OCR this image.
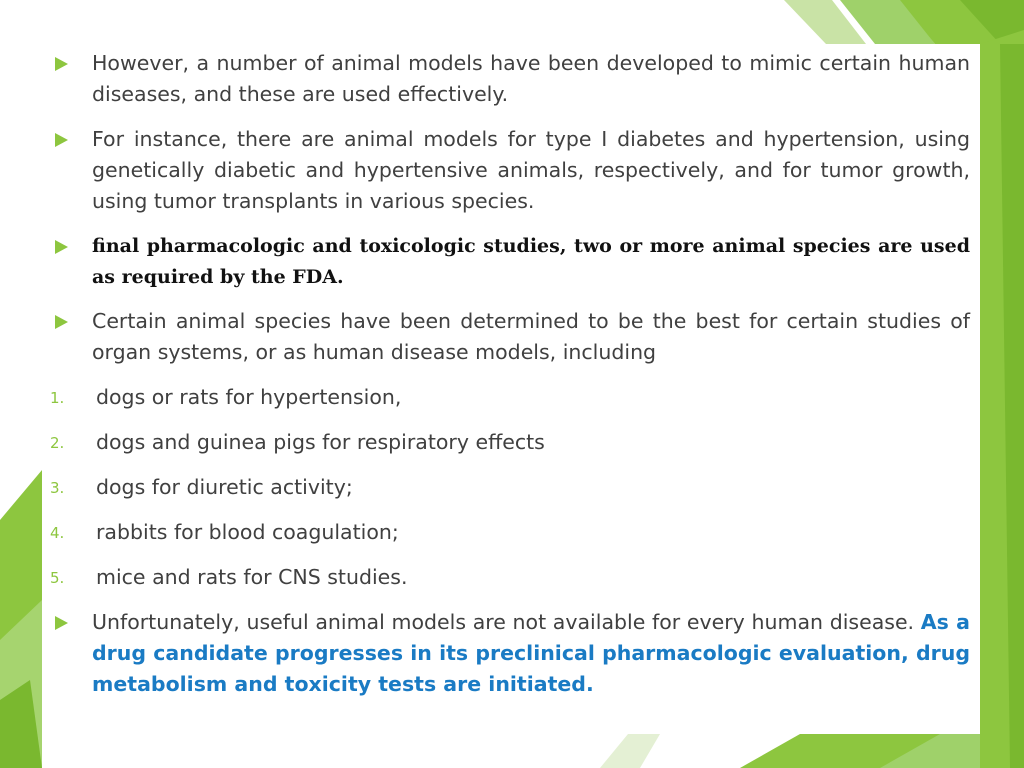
However, a number of animal models have been developed to mimic certain human diseases, and these are used effectively.
For instance, there are animal models for type I diabetes and hypertension, using genetically diabetic and hypertensive animals, respectively, and for tumor growth, using tumor transplants in various species.
final pharmacologic and toxicologic studies, two or more animal species are used as required by the FDA.
Certain animal species have been determined to be the best for certain studies of organ systems, or as human disease models, including
1. dogs or rats for hypertension,
2. dogs and guinea pigs for respiratory effects
3. dogs for diuretic activity;
4. rabbits for blood coagulation;
5. mice and rats for CNS studies.
Unfortunately, useful animal models are not available for every human disease. As a drug candidate progresses in its preclinical pharmacologic evaluation, drug metabolism and toxicity tests are initiated.
